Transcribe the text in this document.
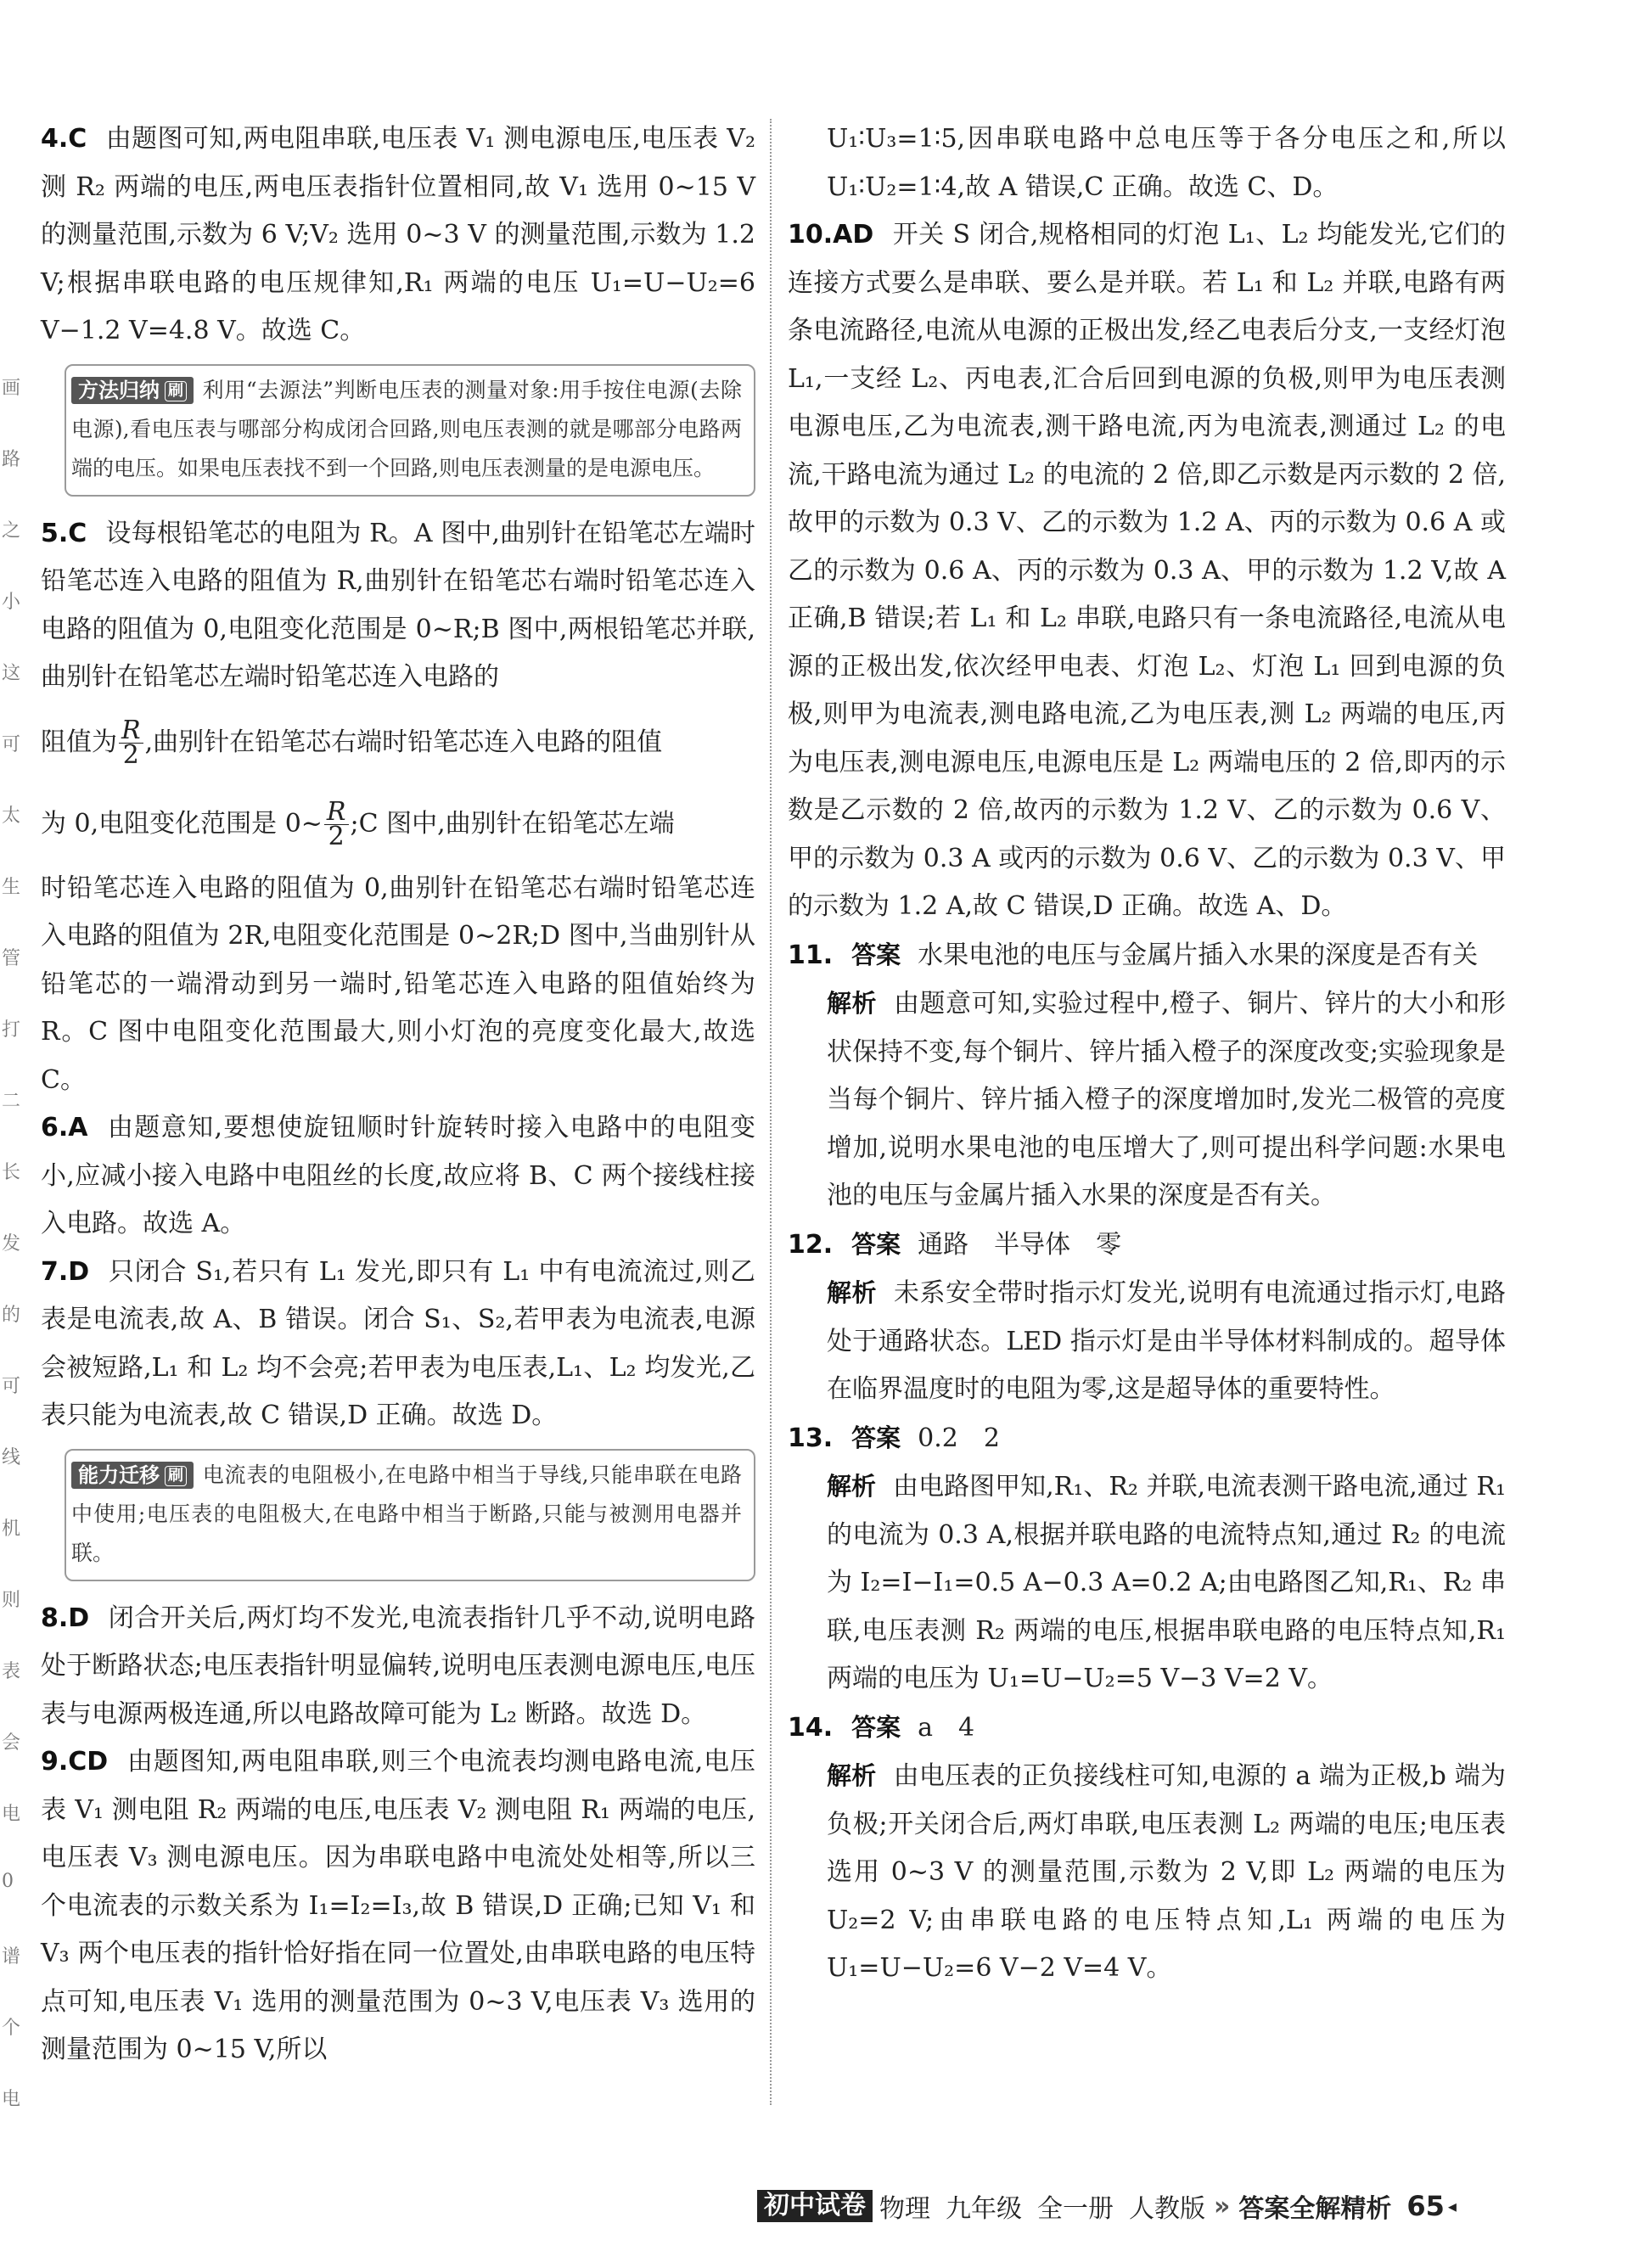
画
路
之
小
这
可
太
生
管
打
二
长
发
的
可
线
机
则
表
会
电
0
谱
个
电
4.C 由题图可知,两电阻串联,电压表 V₁ 测电源电压,电压表 V₂ 测 R₂ 两端的电压,两电压表指针位置相同,故 V₁ 选用 0~15 V 的测量范围,示数为 6 V;V₂ 选用 0~3 V 的测量范围,示数为 1.2 V;根据串联电路的电压规律知,R₁ 两端的电压 U₁=U−U₂=6 V−1.2 V=4.8 V。故选 C。
方法归纳 刷 利用“去源法”判断电压表的测量对象:用手按住电源(去除电源),看电压表与哪部分构成闭合回路,则电压表测的就是哪部分电路两端的电压。如果电压表找不到一个回路,则电压表测量的是电源电压。
5.C 设每根铅笔芯的电阻为 R。A 图中,曲别针在铅笔芯左端时铅笔芯连入电路的阻值为 R,曲别针在铅笔芯右端时铅笔芯连入电路的阻值为 0,电阻变化范围是 0~R;B 图中,两根铅笔芯并联,曲别针在铅笔芯左端时铅笔芯连入电路的

阻值为 $\frac{R}{2}$ ,曲别针在铅笔芯右端时铅笔芯连入电路的阻值

为 0,电阻变化范围是 0~ $\frac{R}{2}$ ;C 图中,曲别针在铅笔芯左端

时铅笔芯连入电路的阻值为 0,曲别针在铅笔芯右端时铅笔芯连入电路的阻值为 2R,电阻变化范围是 0~2R;D 图中,当曲别针从铅笔芯的一端滑动到另一端时,铅笔芯连入电路的阻值始终为 R。C 图中电阻变化范围最大,则小灯泡的亮度变化最大,故选 C。

6.A 由题意知,要想使旋钮顺时针旋转时接入电路中的电阻变小,应减小接入电路中电阻丝的长度,故应将 B、C 两个接线柱接入电路。故选 A。
7.D 只闭合 S₁,若只有 L₁ 发光,即只有 L₁ 中有电流流过,则乙表是电流表,故 A、B 错误。闭合 S₁、S₂,若甲表为电流表,电源会被短路,L₁ 和 L₂ 均不会亮;若甲表为电压表,L₁、L₂ 均发光,乙表只能为电流表,故 C 错误,D 正确。故选 D。
能力迁移 刷 电流表的电阻极小,在电路中相当于导线,只能串联在电路中使用;电压表的电阻极大,在电路中相当于断路,只能与被测用电器并联。
8.D 闭合开关后,两灯均不发光,电流表指针几乎不动,说明电路处于断路状态;电压表指针明显偏转,说明电压表测电源电压,电压表与电源两极连通,所以电路故障可能为 L₂ 断路。故选 D。
9.CD 由题图知,两电阻串联,则三个电流表均测电路电流,电压表 V₁ 测电阻 R₂ 两端的电压,电压表 V₂ 测电阻 R₁ 两端的电压,电压表 V₃ 测电源电压。因为串联电路中电流处处相等,所以三个电流表的示数关系为 I₁=I₂=I₃,故 B 错误,D 正确;已知 V₁ 和 V₃ 两个电压表的指针恰好指在同一位置处,由串联电路的电压特点可知,电压表 V₁ 选用的测量范围为 0~3 V,电压表 V₃ 选用的测量范围为 0~15 V,所以
U₁∶U₃=1∶5,因串联电路中总电压等于各分电压之和,所以 U₁∶U₂=1∶4,故 A 错误,C 正确。故选 C、D。
10.AD 开关 S 闭合,规格相同的灯泡 L₁、L₂ 均能发光,它们的连接方式要么是串联、要么是并联。若 L₁ 和 L₂ 并联,电路有两条电流路径,电流从电源的正极出发,经乙电表后分支,一支经灯泡 L₁,一支经 L₂、丙电表,汇合后回到电源的负极,则甲为电压表测电源电压,乙为电流表,测干路电流,丙为电流表,测通过 L₂ 的电流,干路电流为通过 L₂ 的电流的 2 倍,即乙示数是丙示数的 2 倍,故甲的示数为 0.3 V、乙的示数为 1.2 A、丙的示数为 0.6 A 或乙的示数为 0.6 A、丙的示数为 0.3 A、甲的示数为 1.2 V,故 A 正确,B 错误;若 L₁ 和 L₂ 串联,电路只有一条电流路径,电流从电源的正极出发,依次经甲电表、灯泡 L₂、灯泡 L₁ 回到电源的负极,则甲为电流表,测电路电流,乙为电压表,测 L₂ 两端的电压,丙为电压表,测电源电压,电源电压是 L₂ 两端电压的 2 倍,即丙的示数是乙示数的 2 倍,故丙的示数为 1.2 V、乙的示数为 0.6 V、甲的示数为 0.3 A 或丙的示数为 0.6 V、乙的示数为 0.3 V、甲的示数为 1.2 A,故 C 错误,D 正确。故选 A、D。

11. 答案 水果电池的电压与金属片插入水果的深度是否有关

解析 由题意可知,实验过程中,橙子、铜片、锌片的大小和形状保持不变,每个铜片、锌片插入橙子的深度改变;实验现象是当每个铜片、锌片插入橙子的深度增加时,发光二极管的亮度增加,说明水果电池的电压增大了,则可提出科学问题:水果电池的电压与金属片插入水果的深度是否有关。

12. 答案 通路　半导体　零

解析 未系安全带时指示灯发光,说明有电流通过指示灯,电路处于通路状态。LED 指示灯是由半导体材料制成的。超导体在临界温度时的电阻为零,这是超导体的重要特性。

13. 答案 0.2　2

解析 由电路图甲知,R₁、R₂ 并联,电流表测干路电流,通过 R₁ 的电流为 0.3 A,根据并联电路的电流特点知,通过 R₂ 的电流为 I₂=I−I₁=0.5 A−0.3 A=0.2 A;由电路图乙知,R₁、R₂ 串联,电压表测 R₂ 两端的电压,根据串联电路的电压特点知,R₁ 两端的电压为 U₁=U−U₂=5 V−3 V=2 V。

14. 答案 a　4

解析 由电压表的正负接线柱可知,电源的 a 端为正极,b 端为负极;开关闭合后,两灯串联,电压表测 L₂ 两端的电压;电压表选用 0~3 V 的测量范围,示数为 2 V,即 L₂ 两端的电压为 U₂=2 V;由串联电路的电压特点知,L₁ 两端的电压为 U₁=U−U₂=6 V−2 V=4 V。

初中试卷 物理 九年级 全一册 人教版 » 答案全解精析 65 ◂
